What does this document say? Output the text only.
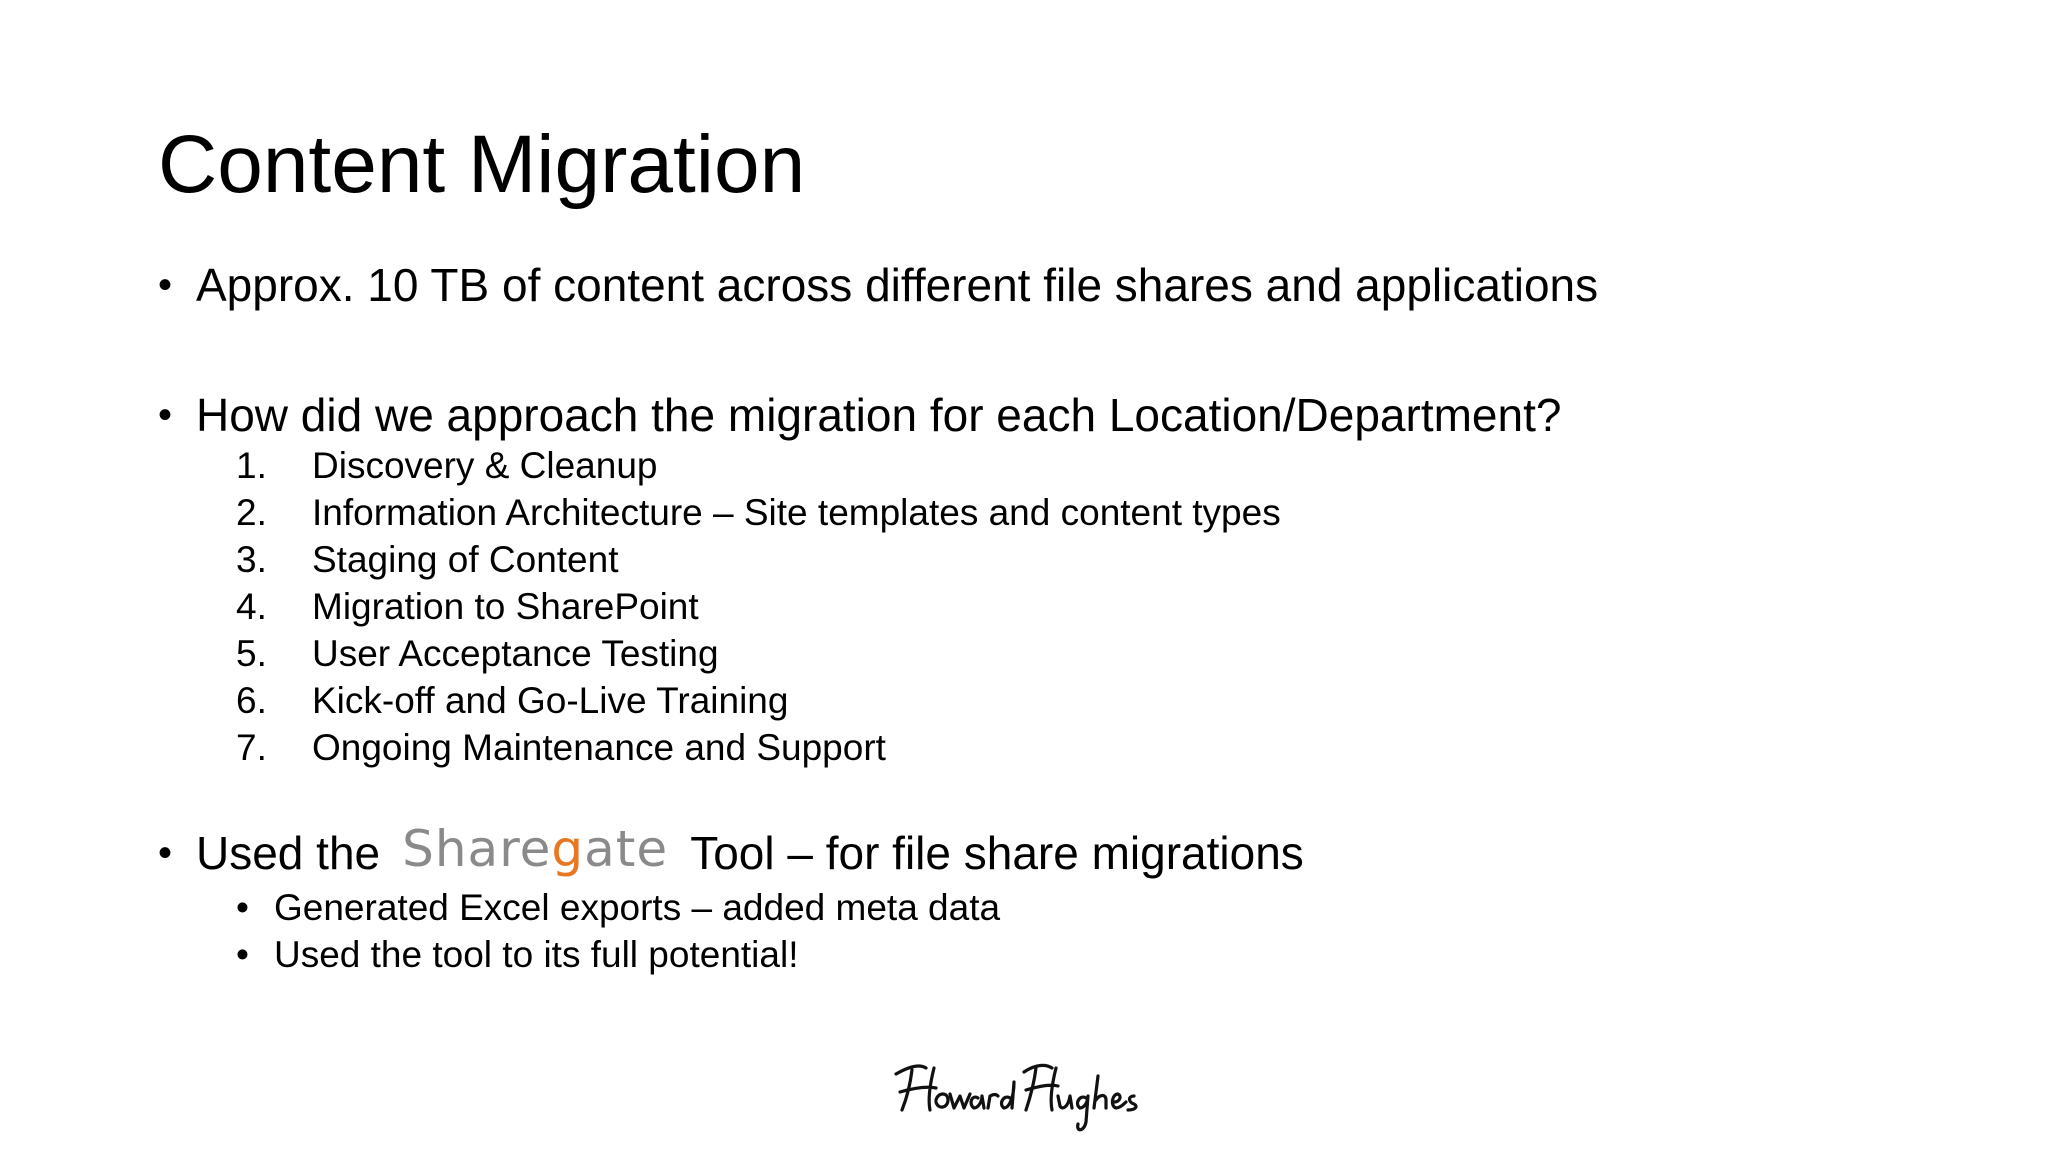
Content Migration
• Approx. 10 TB of content across different file shares and applications
• How did we approach the migration for each Location/Department?
1.	Discovery & Cleanup
2.	Information Architecture – Site templates and content types
3.	Staging of Content
4.	Migration to SharePoint
5.	User Acceptance Testing
6.	Kick-off and Go-Live Training
7.	Ongoing Maintenance and Support
• Used the Share g ate Tool – for file share migrations
• Generated Excel exports – added meta data
• Used the tool to its full potential!
